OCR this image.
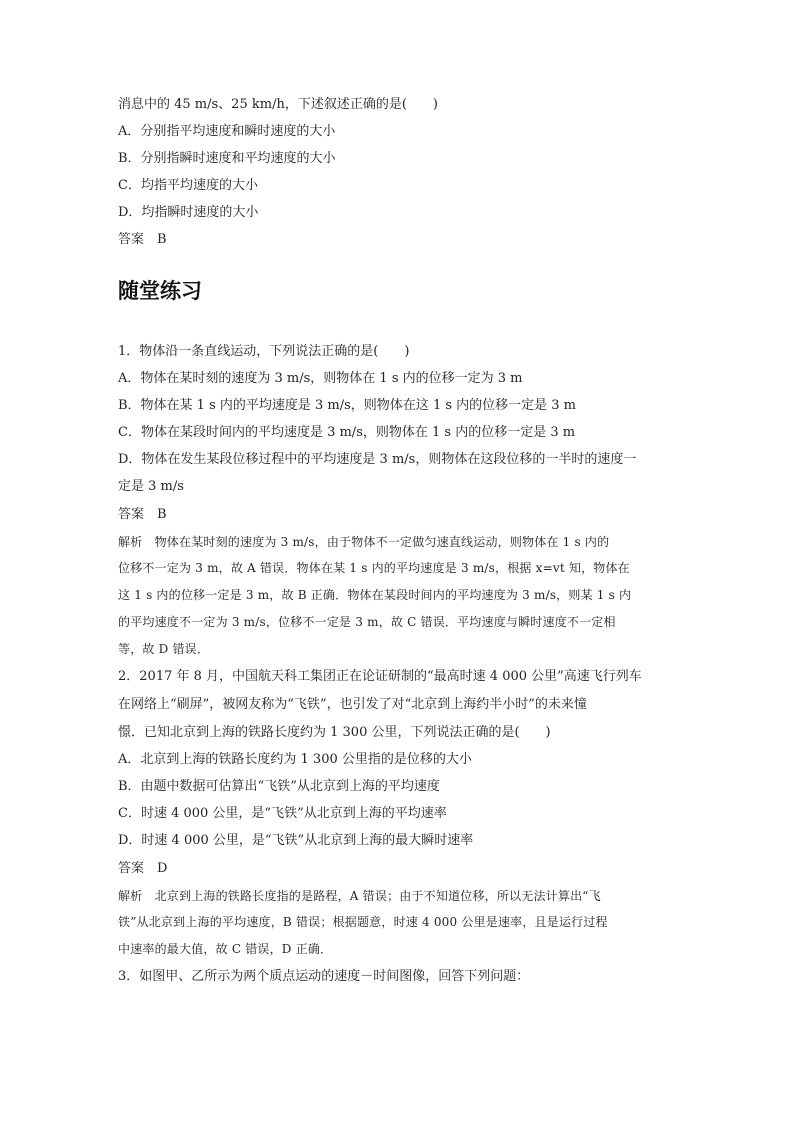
消息中的 45 m/s、25 km/h，下述叙述正确的是(　　)
A．分别指平均速度和瞬时速度的大小
B．分别指瞬时速度和平均速度的大小
C．均指平均速度的大小
D．均指瞬时速度的大小
答案　B
随堂练习
1．物体沿一条直线运动，下列说法正确的是(　　)
A．物体在某时刻的速度为 3 m/s，则物体在 1 s 内的位移一定为 3 m
B．物体在某 1 s 内的平均速度是 3 m/s，则物体在这 1 s 内的位移一定是 3 m
C．物体在某段时间内的平均速度是 3 m/s，则物体在 1 s 内的位移一定是 3 m
D．物体在发生某段位移过程中的平均速度是 3 m/s，则物体在这段位移的一半时的速度一
定是 3 m/s
答案　B
解析　物体在某时刻的速度为 3 m/s，由于物体不一定做匀速直线运动，则物体在 1 s 内的
位移不一定为 3 m，故 A 错误．物体在某 1 s 内的平均速度是 3 m/s，根据 x=vt 知，物体在
这 1 s 内的位移一定是 3 m，故 B 正确．物体在某段时间内的平均速度为 3 m/s，则某 1 s 内
的平均速度不一定为 3 m/s，位移不一定是 3 m，故 C 错误．平均速度与瞬时速度不一定相
等，故 D 错误．
2．2017 年 8 月，中国航天科工集团正在论证研制的“最高时速 4 000 公里”高速飞行列车
在网络上“刷屏”，被网友称为“飞铁”，也引发了对“北京到上海约半小时”的未来憧
憬．已知北京到上海的铁路长度约为 1 300 公里，下列说法正确的是(　　)
A．北京到上海的铁路长度约为 1 300 公里指的是位移的大小
B．由题中数据可估算出“飞铁”从北京到上海的平均速度
C．时速 4 000 公里，是“飞铁”从北京到上海的平均速率
D．时速 4 000 公里，是“飞铁”从北京到上海的最大瞬时速率
答案　D
解析　北京到上海的铁路长度指的是路程，A 错误；由于不知道位移，所以无法计算出“飞
铁”从北京到上海的平均速度，B 错误；根据题意，时速 4 000 公里是速率，且是运行过程
中速率的最大值，故 C 错误，D 正确．
3．如图甲、乙所示为两个质点运动的速度－时间图像，回答下列问题：
